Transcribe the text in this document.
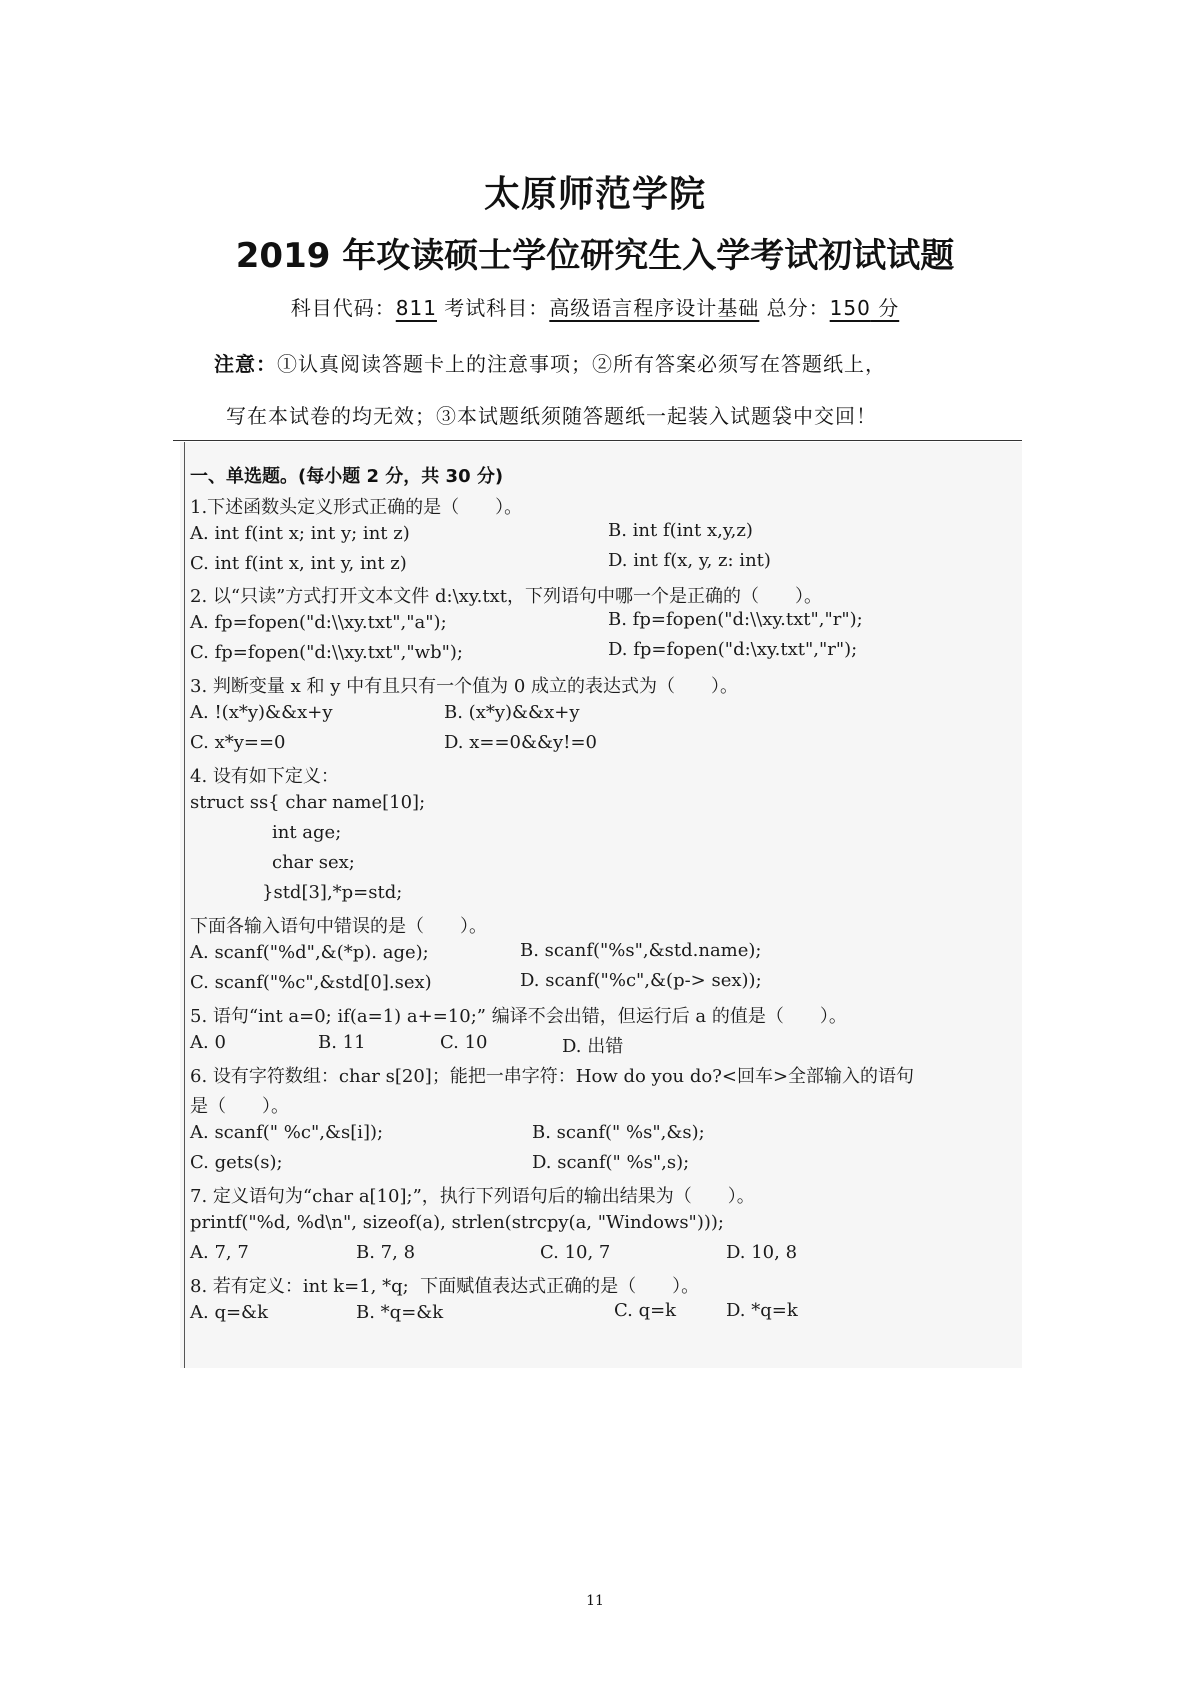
太原师范学院
2019 年攻读硕士学位研究生入学考试初试试题
科目代码：811 考试科目：高级语言程序设计基础 总分：150 分
注意：①认真阅读答题卡上的注意事项；②所有答案必须写在答题纸上，
写在本试卷的均无效；③本试题纸须随答题纸一起装入试题袋中交回！
一、单选题。(每小题 2 分，共 30 分)
1.下述函数头定义形式正确的是（　　）。
A. int f(int x; int y; int z)	B. int f(int x,y,z)
C. int f(int x, int y, int z)	D. int f(x, y, z: int)
2. 以“只读”方式打开文本文件 d:\xy.txt，下列语句中哪一个是正确的（　　）。
A. fp=fopen("d:\\xy.txt","a");	B. fp=fopen("d:\\xy.txt","r");
C. fp=fopen("d:\\xy.txt","wb");	D. fp=fopen("d:\xy.txt","r");
3. 判断变量 x 和 y 中有且只有一个值为 0 成立的表达式为（　　）。
A. !(x*y)&&x+y	B. (x*y)&&x+y
C. x*y==0	D. x==0&&y!=0
4. 设有如下定义：
struct ss{ char name[10];
int age;
char sex;
}std[3],*p=std;
下面各输入语句中错误的是（　　）。
A. scanf("%d",&(*p). age);	B. scanf("%s",&std.name);
C. scanf("%c",&std[0].sex)	D. scanf("%c",&(p-> sex));
5. 语句“int a=0; if(a=1) a+=10;” 编译不会出错，但运行后 a 的值是（　　）。
A. 0	B. 11	C. 10	D. 出错
6. 设有字符数组：char s[20]；能把一串字符：How do you do?<回车>全部输入的语句
是（　　）。
A. scanf(" %c",&s[i]);	B. scanf(" %s",&s);
C. gets(s);	D. scanf(" %s",s);
7. 定义语句为“char a[10];”，执行下列语句后的输出结果为（　　）。
printf("%d, %d\n", sizeof(a), strlen(strcpy(a, "Windows")));
A. 7, 7	B. 7, 8	C. 10, 7	D. 10, 8
8. 若有定义：int k=1, *q;  下面赋值表达式正确的是（　　）。
A. q=&k	B. *q=&k	C. q=k	D. *q=k
11
